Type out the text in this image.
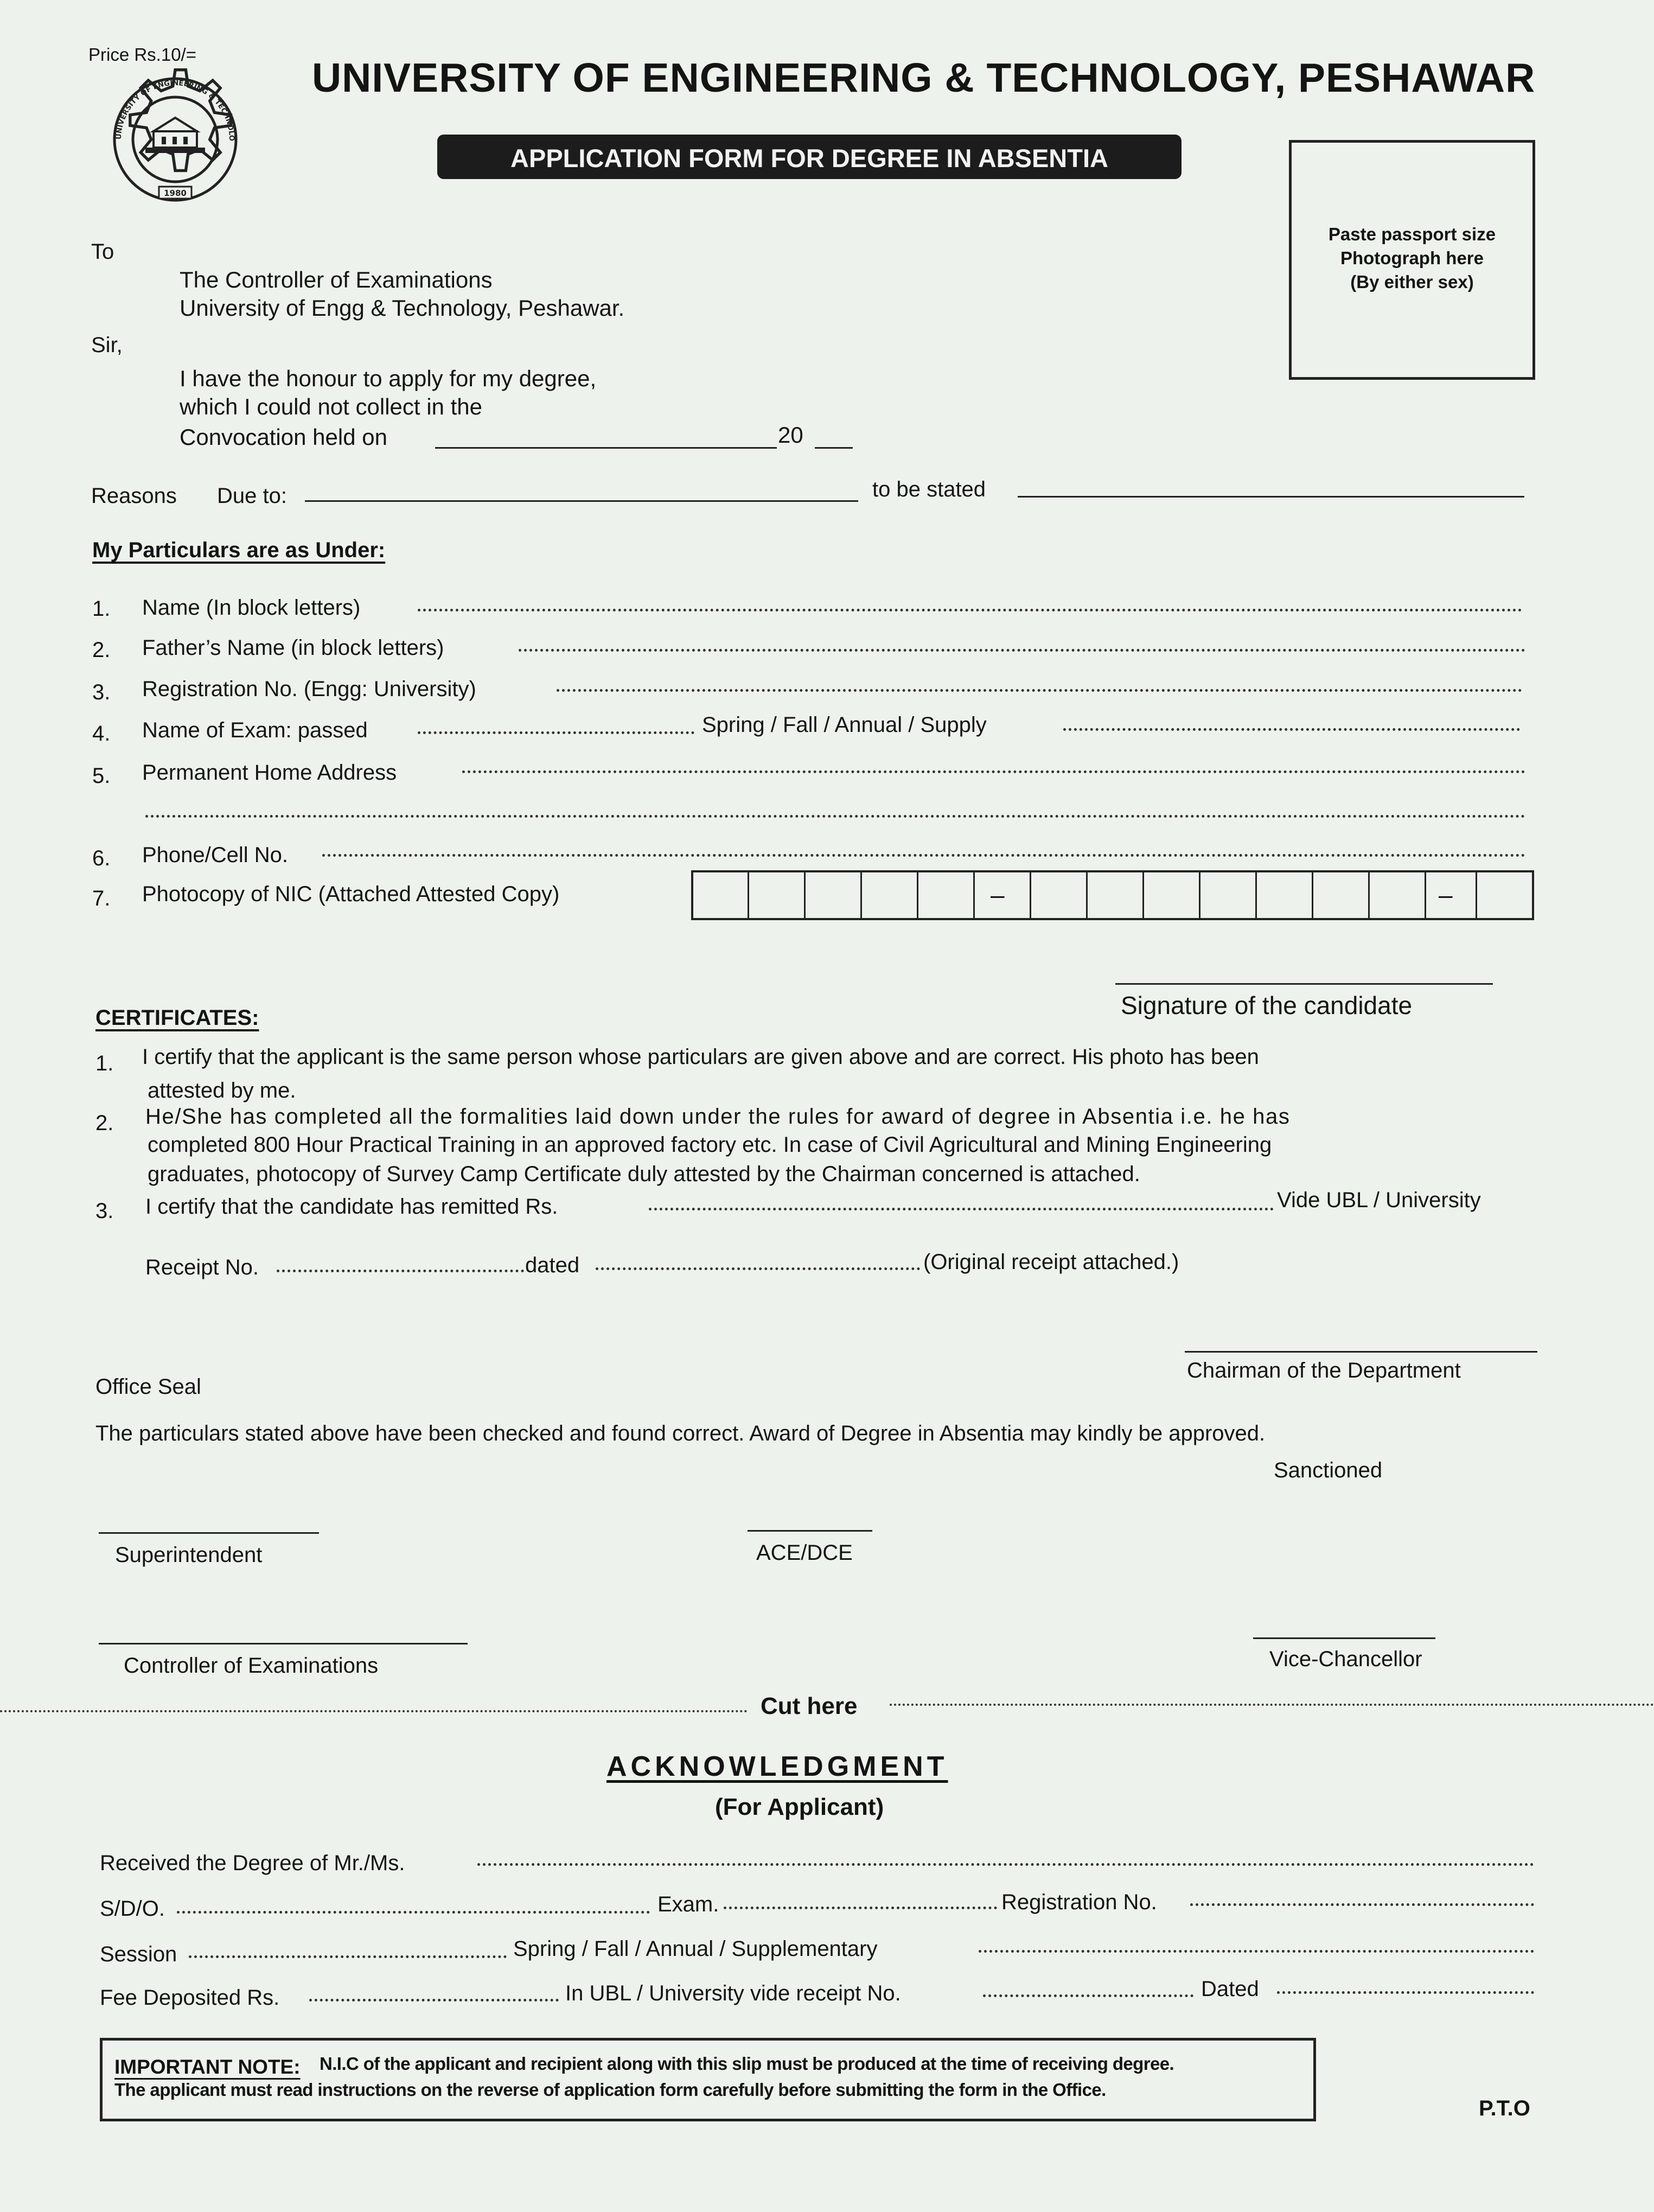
Price Rs.10/=
UNIVERSITY OF ENGINEERING & TECHNOLO
1980
UNIVERSITY OF ENGINEERING & TECHNOLOGY, PESHAWAR
APPLICATION FORM FOR DEGREE IN ABSENTIA
Paste passport size
Photograph here
(By either sex)
To
The Controller of Examinations
University of Engg & Technology, Peshawar.
Sir,
I have the honour to apply for my degree,
which I could not collect in the
Convocation held on	20
Reasons Due to:	to be stated
My Particulars are as Under:
1. Name (In block letters)
2. Father’s Name (in block letters)
3. Registration No. (Engg: University)
4. Name of Exam: passed	Spring / Fall / Annual / Supply
5. Permanent Home Address
6. Phone/Cell No.
7. Photocopy of NIC (Attached Attested Copy)	–	–
Signature of the candidate
CERTIFICATES:
1. I certify that the applicant is the same person whose particulars are given above and are correct. His photo has been
attested by me.
2. He/She has completed all the formalities laid down under the rules for award of degree in Absentia i.e. he has
completed 800 Hour Practical Training in an approved factory etc. In case of Civil Agricultural and Mining Engineering
graduates, photocopy of Survey Camp Certificate duly attested by the Chairman concerned is attached.
3. I certify that the candidate has remitted Rs.	Vide UBL / University
Receipt No.	dated	(Original receipt attached.)
Chairman of the Department
Office Seal
The particulars stated above have been checked and found correct. Award of Degree in Absentia may kindly be approved.
Sanctioned
Superintendent	ACE/DCE
Controller of Examinations	Vice-Chancellor
Cut here
ACKNOWLEDGMENT
(For Applicant)
Received the Degree of Mr./Ms.
S/D/O.	Exam.	Registration No.
Session	Spring / Fall / Annual / Supplementary
Fee Deposited Rs.	In UBL / University vide receipt No.	Dated
IMPORTANT NOTE: N.I.C of the applicant and recipient along with this slip must be produced at the time of receiving degree.
The applicant must read instructions on the reverse of application form carefully before submitting the form in the Office.
P.T.O
